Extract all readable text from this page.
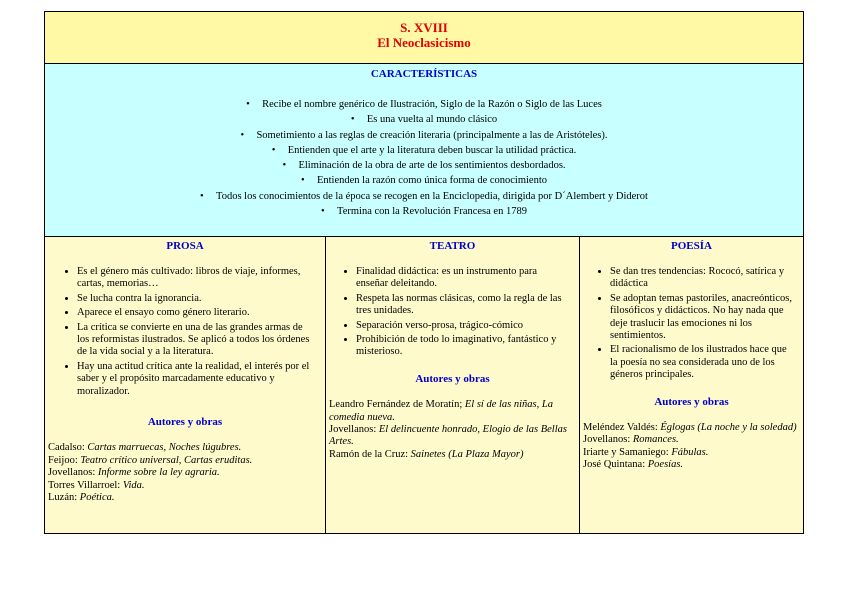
S. XVIII
El Neoclasicismo
CARACTERÍSTICAS
• Recibe el nombre genérico de Ilustración, Siglo de la Razón o Siglo de las Luces
• Es una vuelta al mundo clásico
• Sometimiento a las reglas de creación literaria (principalmente a las de Aristóteles).
• Entienden que el arte y la literatura deben buscar la utilidad práctica.
• Eliminación de la obra de arte de los sentimientos desbordados.
• Entienden la razón como única forma de conocimiento
• Todos los conocimientos de la época se recogen en la Enciclopedia, dirigida por D´Alembert y Diderot
• Termina con la Revolución Francesa en 1789
PROSA
• Es el género más cultivado: libros de viaje, informes, cartas, memorias…
• Se lucha contra la ignorancia.
• Aparece el ensayo como género literario.
• La crítica se convierte en una de las grandes armas de los reformistas ilustrados. Se aplicó a todos los órdenes de la vida social y a la literatura.
• Hay una actitud crítica ante la realidad, el interés por el saber y el propósito marcadamente educativo y moralizador.
Autores y obras
Cadalso: Cartas marruecas, Noches lúgubres.
Feijoo: Teatro crítico universal, Cartas eruditas.
Jovellanos: Informe sobre la ley agraria.
Torres Villarroel: Vida.
Luzán: Poética.
TEATRO
• Finalidad didáctica: es un instrumento para enseñar deleitando.
• Respeta las normas clásicas, como la regla de las tres unidades.
• Separación verso-prosa, trágico-cómico
• Prohibición de todo lo imaginativo, fantástico y misterioso.
Autores y obras
Leandro Fernández de Moratín; El sí de las niñas, La comedia nueva.
Jovellanos: El delincuente honrado, Elogio de las Bellas Artes.
Ramón de la Cruz: Sainetes (La Plaza Mayor)
POESÍA
• Se dan tres tendencias: Rococó, satírica y didáctica
• Se adoptan temas pastoriles, anacreónticos, filosóficos y didácticos. No hay nada que deje traslucir las emociones ni los sentimientos.
• El racionalismo de los ilustrados hace que la poesía no sea considerada uno de los géneros principales.
Autores y obras
Meléndez Valdés: Églogas (La noche y la soledad)
Jovellanos: Romances.
Iriarte y Samaniego: Fábulas.
José Quintana: Poesías.
